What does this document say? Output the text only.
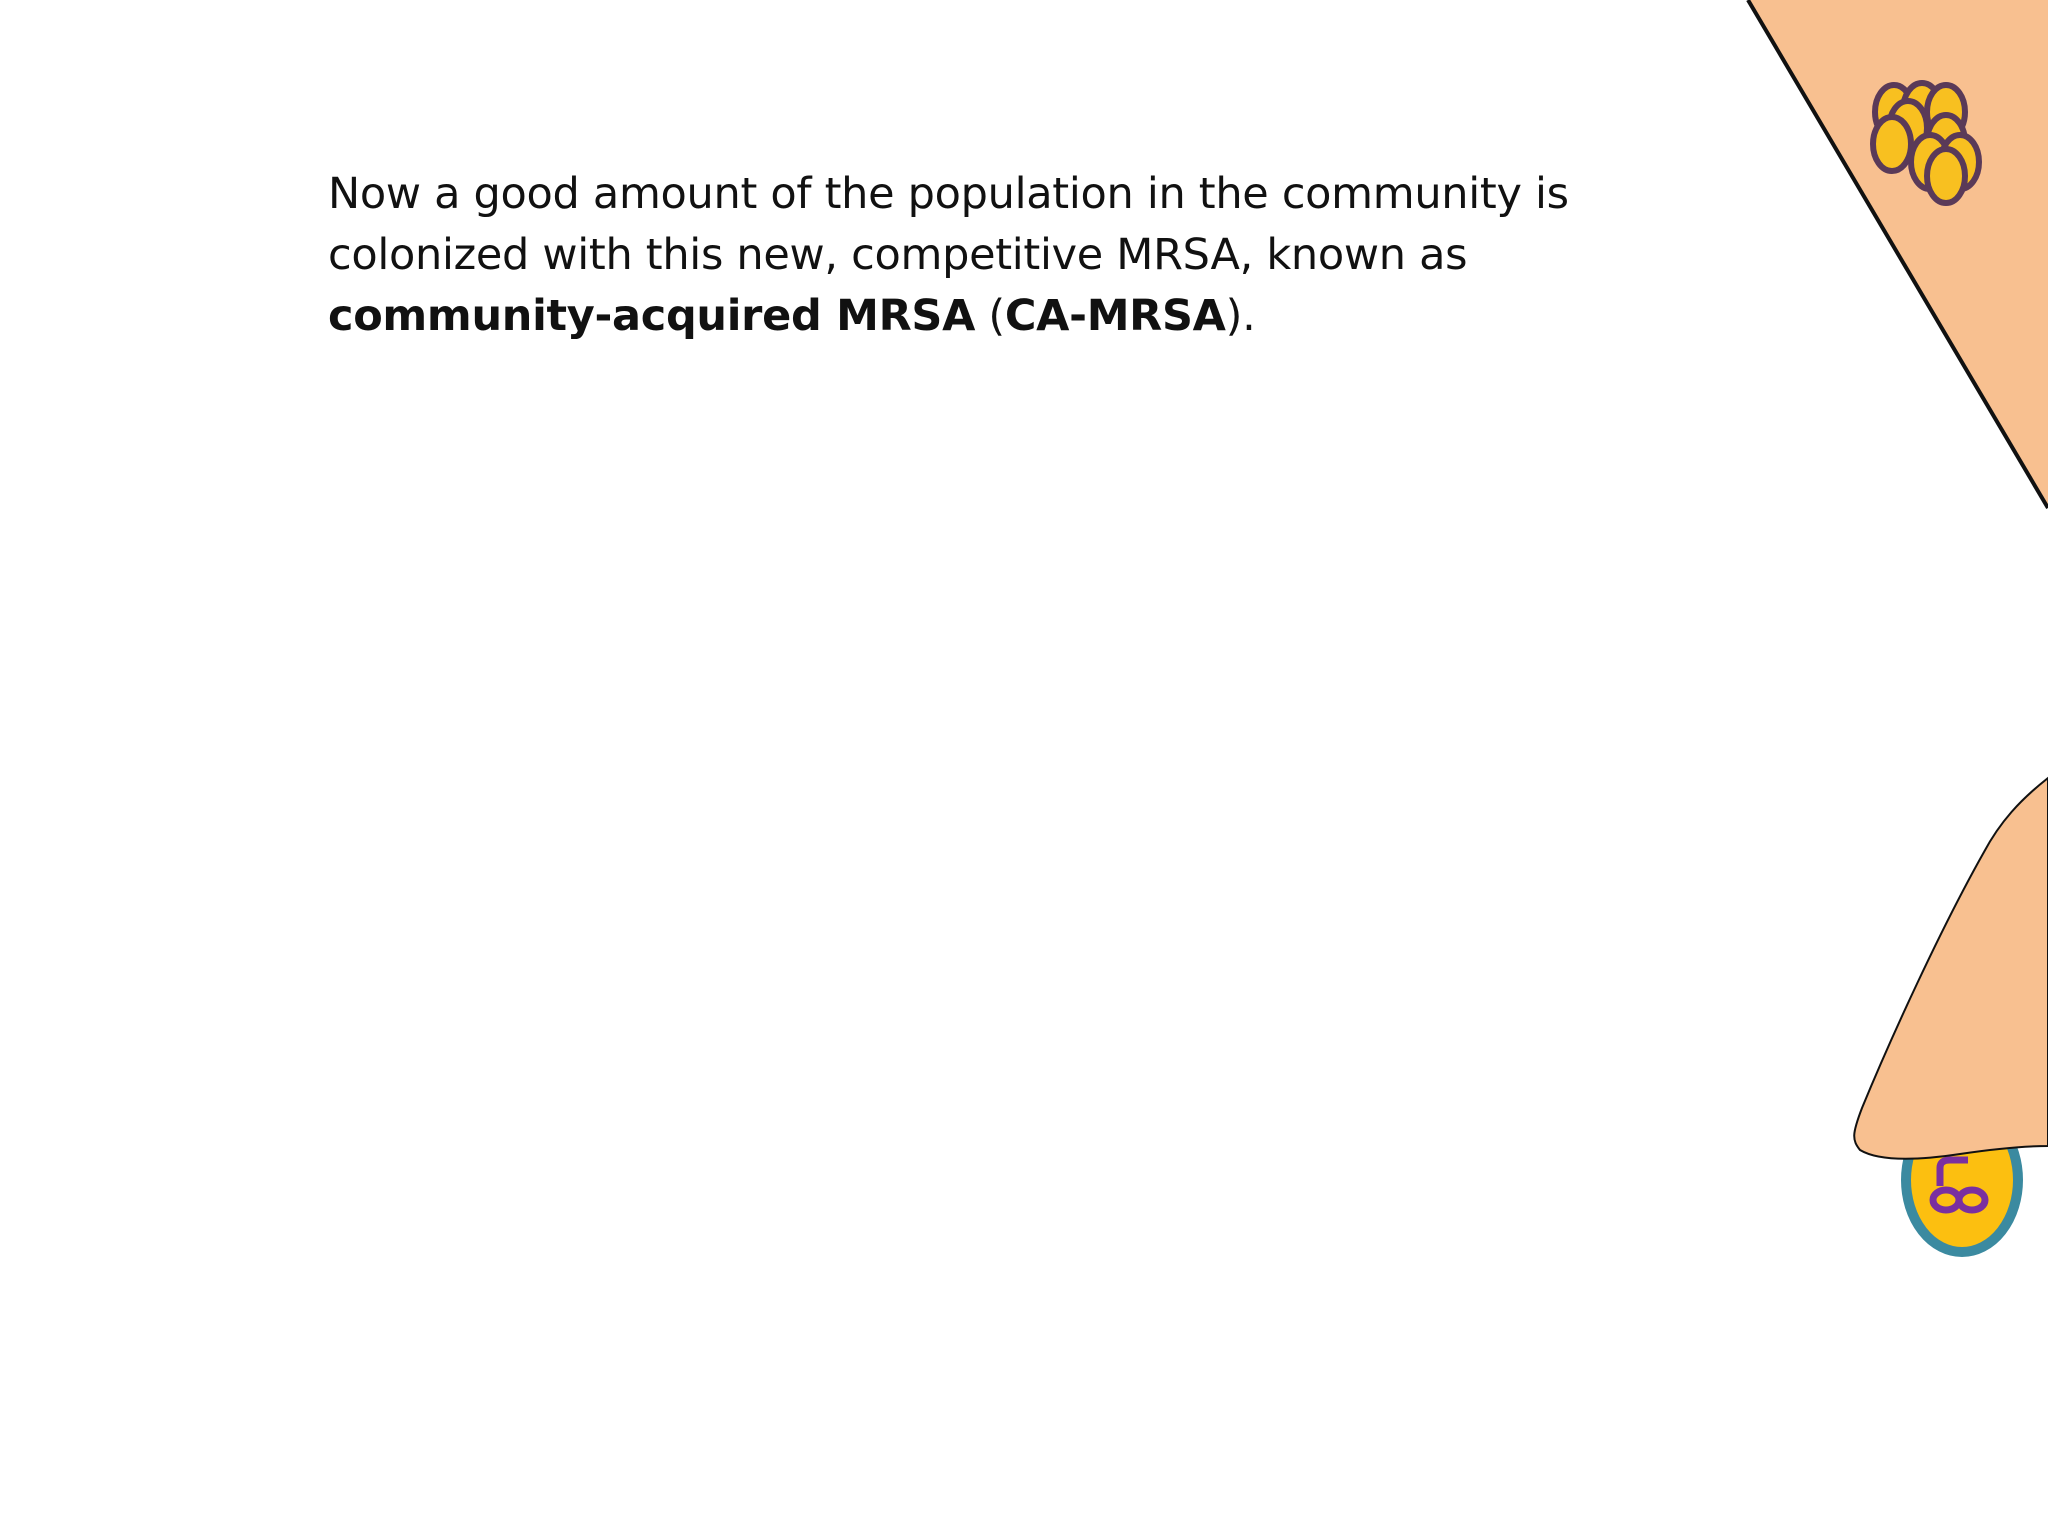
Now a good amount of the population in the community is colonized with this new, competitive MRSA, known as community-acquired MRSA (CA-MRSA).
